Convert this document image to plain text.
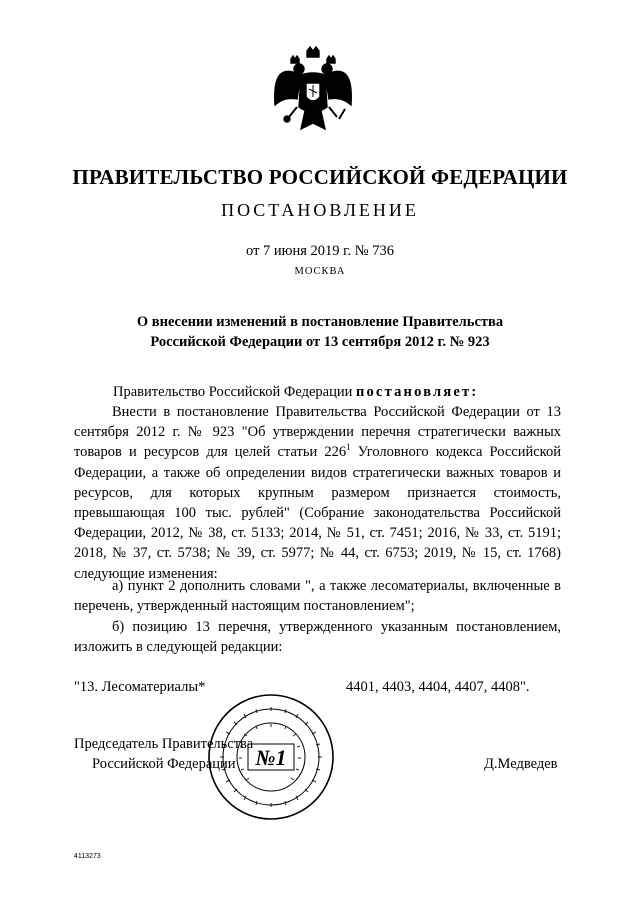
ПРАВИТЕЛЬСТВО РОССИЙСКОЙ ФЕДЕРАЦИИ
ПОСТАНОВЛЕНИЕ
от 7 июня 2019 г. № 736
МОСКВА
О внесении изменений в постановление Правительства
Российской Федерации от 13 сентября 2012 г. № 923
Правительство Российской Федерации постановляет:
Внести в постановление Правительства Российской Федерации от 13 сентября 2012 г. № 923 "Об утверждении перечня стратегически важных товаров и ресурсов для целей статьи $226^1$ Уголовного кодекса Российской Федерации, а также об определении видов стратегически важных товаров и ресурсов, для которых крупным размером признается стоимость, превышающая 100 тыс. рублей" (Собрание законодательства Российской Федерации, 2012, № 38, ст. 5133; 2014, № 51, ст. 7451; 2016, № 33, ст. 5191; 2018, № 37, ст. 5738; № 39, ст. 5977; № 44, ст. 6753; 2019, № 15, ст. 1768) следующие изменения:
а) пункт 2 дополнить словами ", а также лесоматериалы, включенные в перечень, утвержденный настоящим постановлением";
б) позицию 13 перечня, утвержденного указанным постановлением, изложить в следующей редакции:
"13. Лесоматериалы*	4401, 4403, 4404, 4407, 4408".
№1
Председатель Правительства
Российской Федерации	Д.Медведев
4113273
